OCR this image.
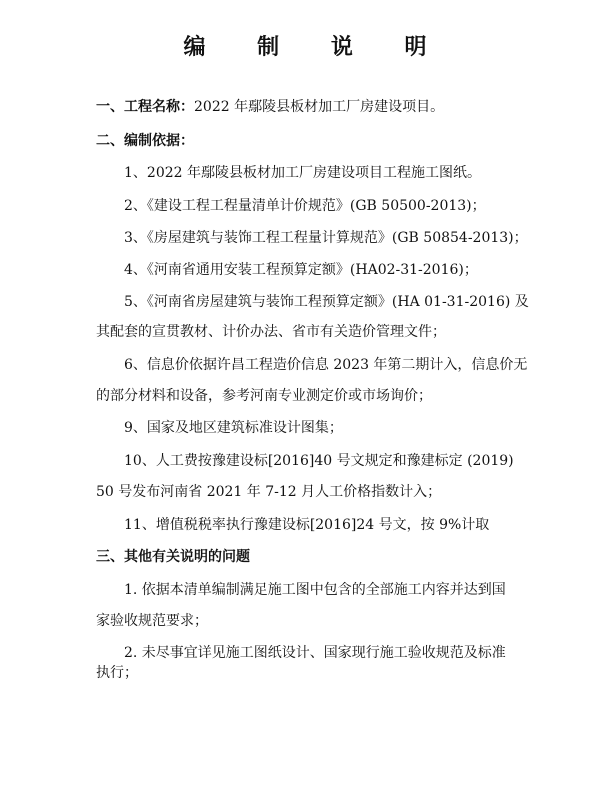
编 制 说 明
一、工程名称：2022 年鄢陵县板材加工厂房建设项目。
二、编制依据：
1、2022 年鄢陵县板材加工厂房建设项目工程施工图纸。
2、《建设工程工程量清单计价规范》(GB 50500-2013)；
3、《房屋建筑与装饰工程工程量计算规范》(GB 50854-2013)；
4、《河南省通用安装工程预算定额》(HA02-31-2016)；
5、《河南省房屋建筑与装饰工程预算定额》(HA 01-31-2016) 及
其配套的宣贯教材、计价办法、省市有关造价管理文件；
6、信息价依据许昌工程造价信息 2023 年第二期计入，信息价无
的部分材料和设备，参考河南专业测定价或市场询价；
9、国家及地区建筑标准设计图集；
10、人工费按豫建设标[2016]40 号文规定和豫建标定 (2019)
50 号发布河南省 2021 年 7-12 月人工价格指数计入；
11、增值税税率执行豫建设标[2016]24 号文，按 9%计取
三、其他有关说明的问题
1. 依据本清单编制满足施工图中包含的全部施工内容并达到国
家验收规范要求；
2. 未尽事宜详见施工图纸设计、国家现行施工验收规范及标准
执行；
